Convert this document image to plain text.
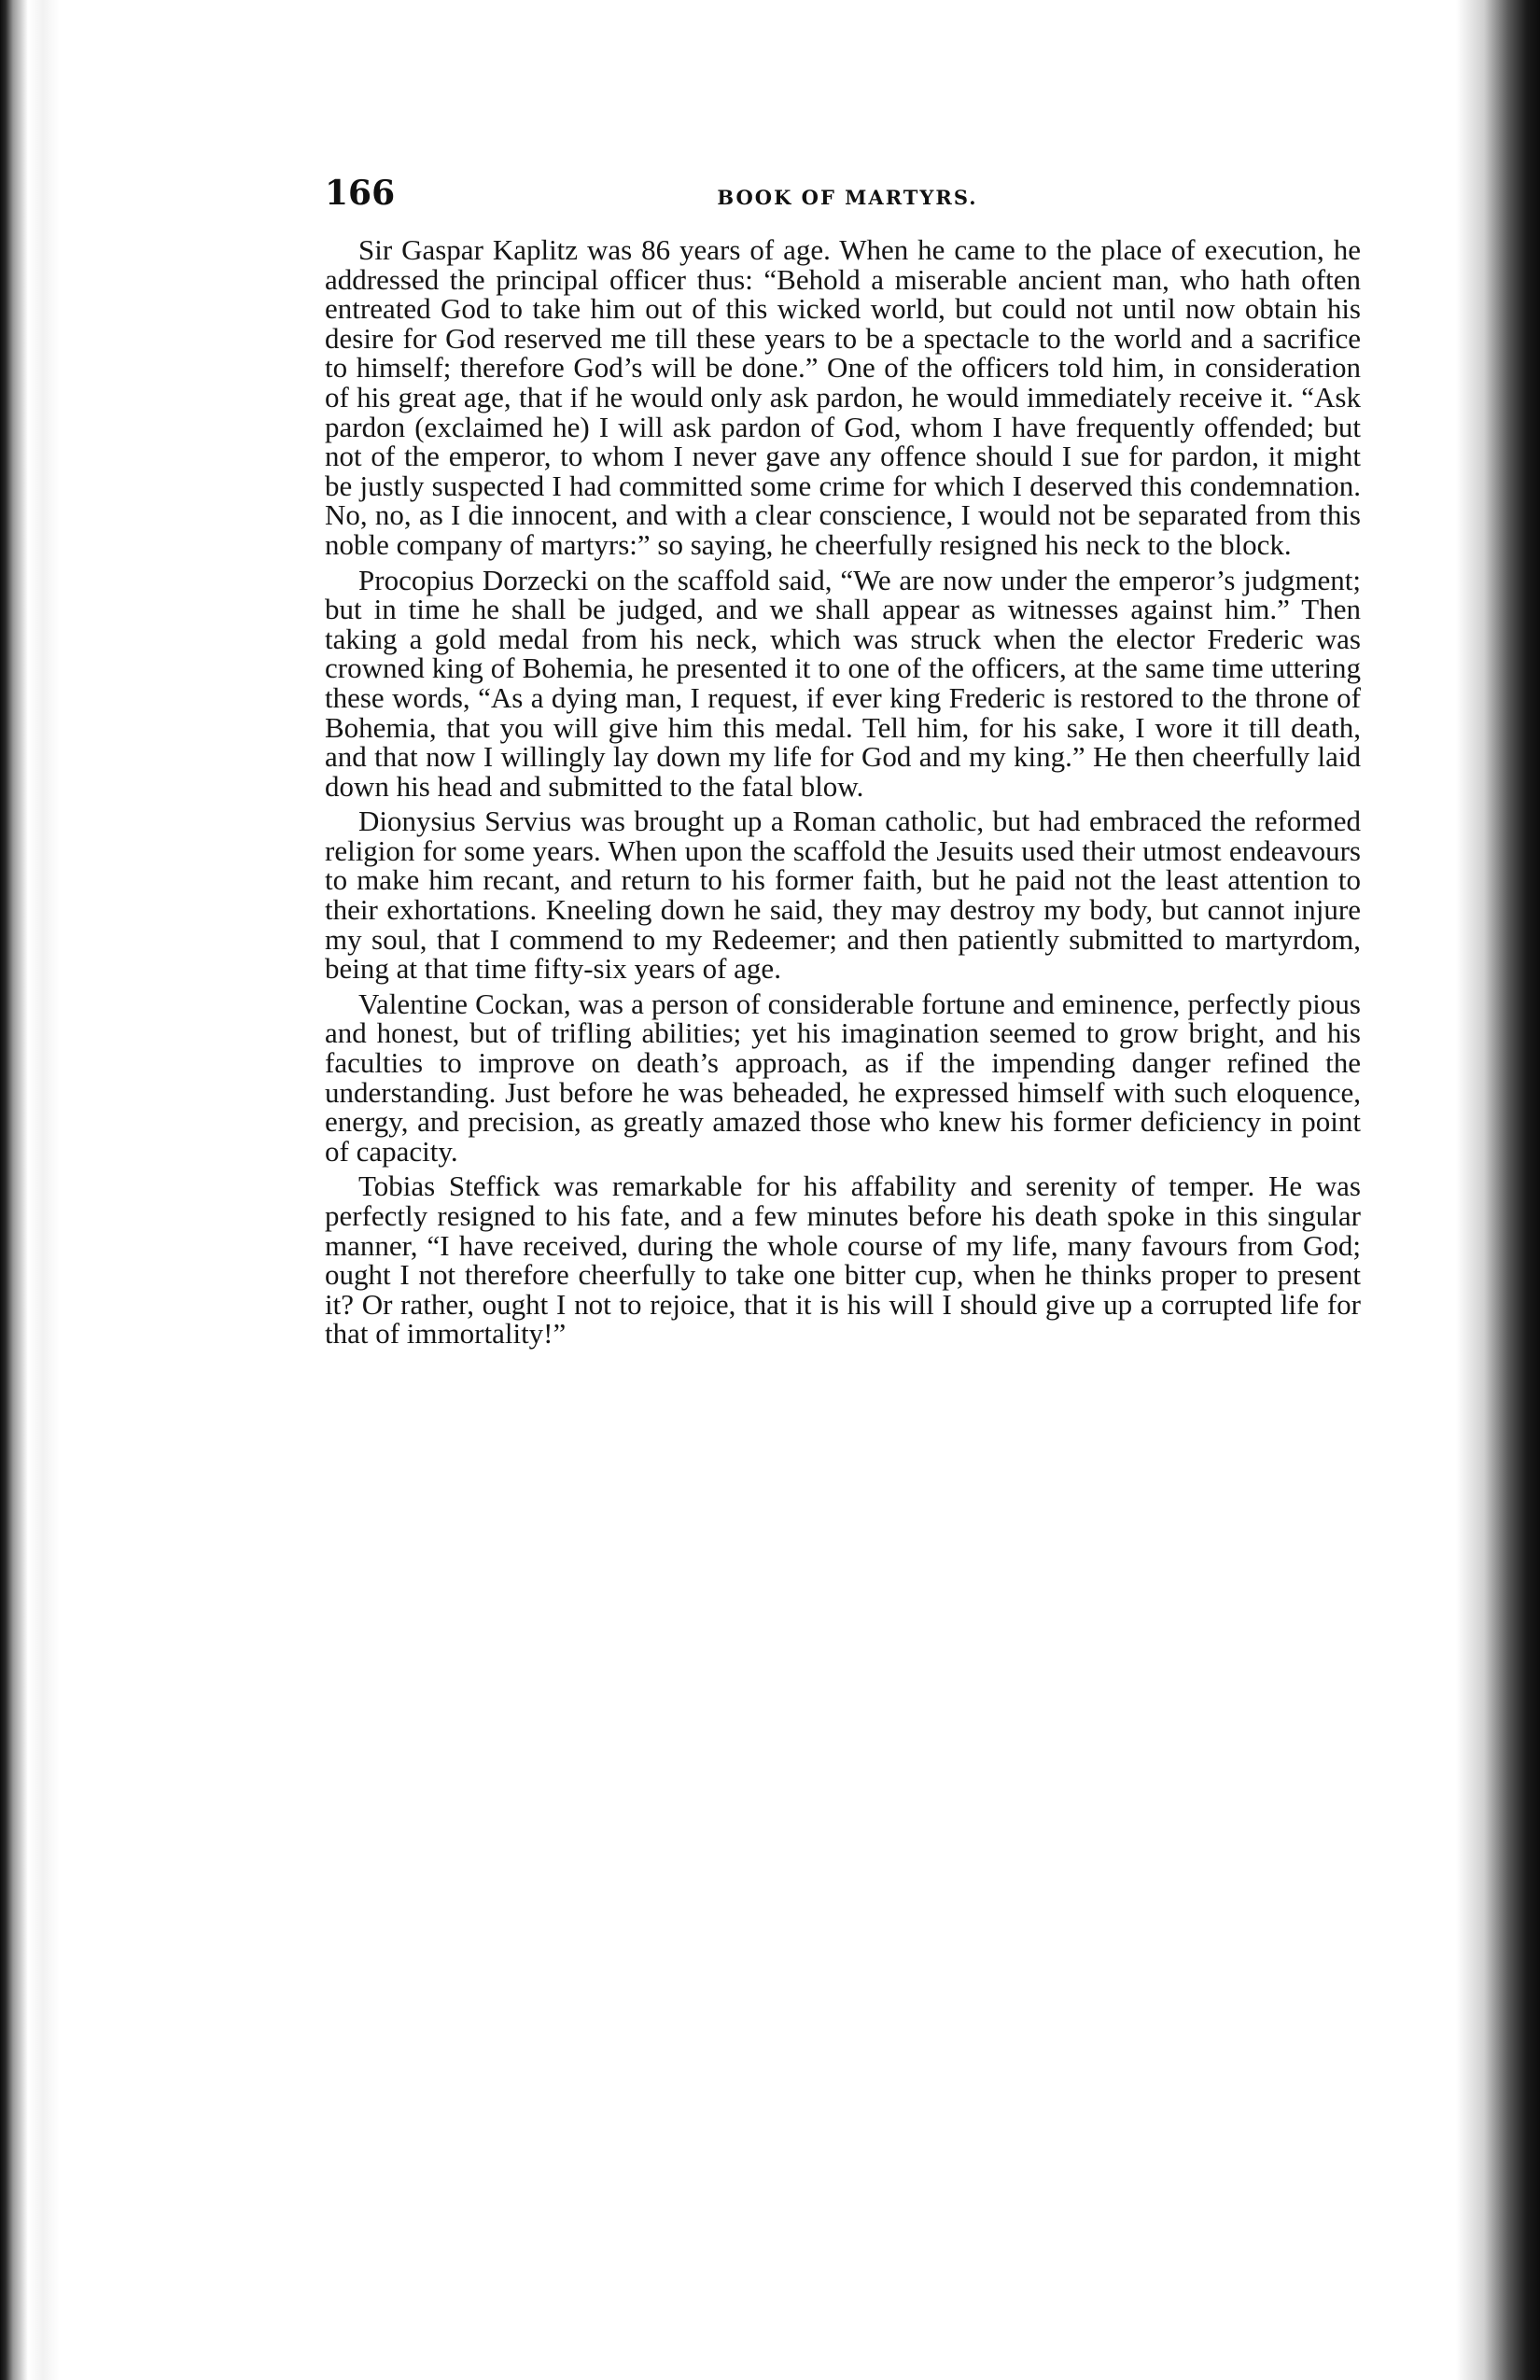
166	BOOK OF MARTYRS.

Sir Gaspar Kaplitz was 86 years of age. When he came to the place of execution, he addressed the principal officer thus: “Behold a miserable ancient man, who hath often entreated God to take him out of this wicked world, but could not until now obtain his desire for God reserved me till these years to be a spectacle to the world and a sacrifice to himself; therefore God’s will be done.” One of the officers told him, in consideration of his great age, that if he would only ask pardon, he would immediately receive it. “Ask pardon (exclaimed he) I will ask pardon of God, whom I have frequently offended; but not of the emperor, to whom I never gave any offence should I sue for pardon, it might be justly suspected I had committed some crime for which I deserved this condemnation. No, no, as I die innocent, and with a clear conscience, I would not be separated from this noble company of martyrs:” so saying, he cheerfully resigned his neck to the block.

Procopius Dorzecki on the scaffold said, “We are now under the emperor’s judgment; but in time he shall be judged, and we shall appear as witnesses against him.” Then taking a gold medal from his neck, which was struck when the elector Frederic was crowned king of Bohemia, he presented it to one of the officers, at the same time uttering these words, “As a dying man, I request, if ever king Frederic is restored to the throne of Bohemia, that you will give him this medal. Tell him, for his sake, I wore it till death, and that now I willingly lay down my life for God and my king.” He then cheerfully laid down his head and submitted to the fatal blow.

Dionysius Servius was brought up a Roman catholic, but had embraced the reformed religion for some years. When upon the scaffold the Jesuits used their utmost endeavours to make him recant, and return to his former faith, but he paid not the least attention to their exhortations. Kneeling down he said, they may destroy my body, but cannot injure my soul, that I commend to my Redeemer; and then patiently submitted to martyrdom, being at that time fifty-six years of age.

Valentine Cockan, was a person of considerable fortune and eminence, perfectly pious and honest, but of trifling abilities; yet his imagination seemed to grow bright, and his faculties to improve on death’s approach, as if the impending danger refined the understanding. Just before he was beheaded, he expressed himself with such eloquence, energy, and precision, as greatly amazed those who knew his former deficiency in point of capacity.

Tobias Steffick was remarkable for his affability and serenity of temper. He was perfectly resigned to his fate, and a few minutes before his death spoke in this singular manner, “I have received, during the whole course of my life, many favours from God; ought I not therefore cheerfully to take one bitter cup, when he thinks proper to present it? Or rather, ought I not to rejoice, that it is his will I should give up a corrupted life for that of immortality!”
